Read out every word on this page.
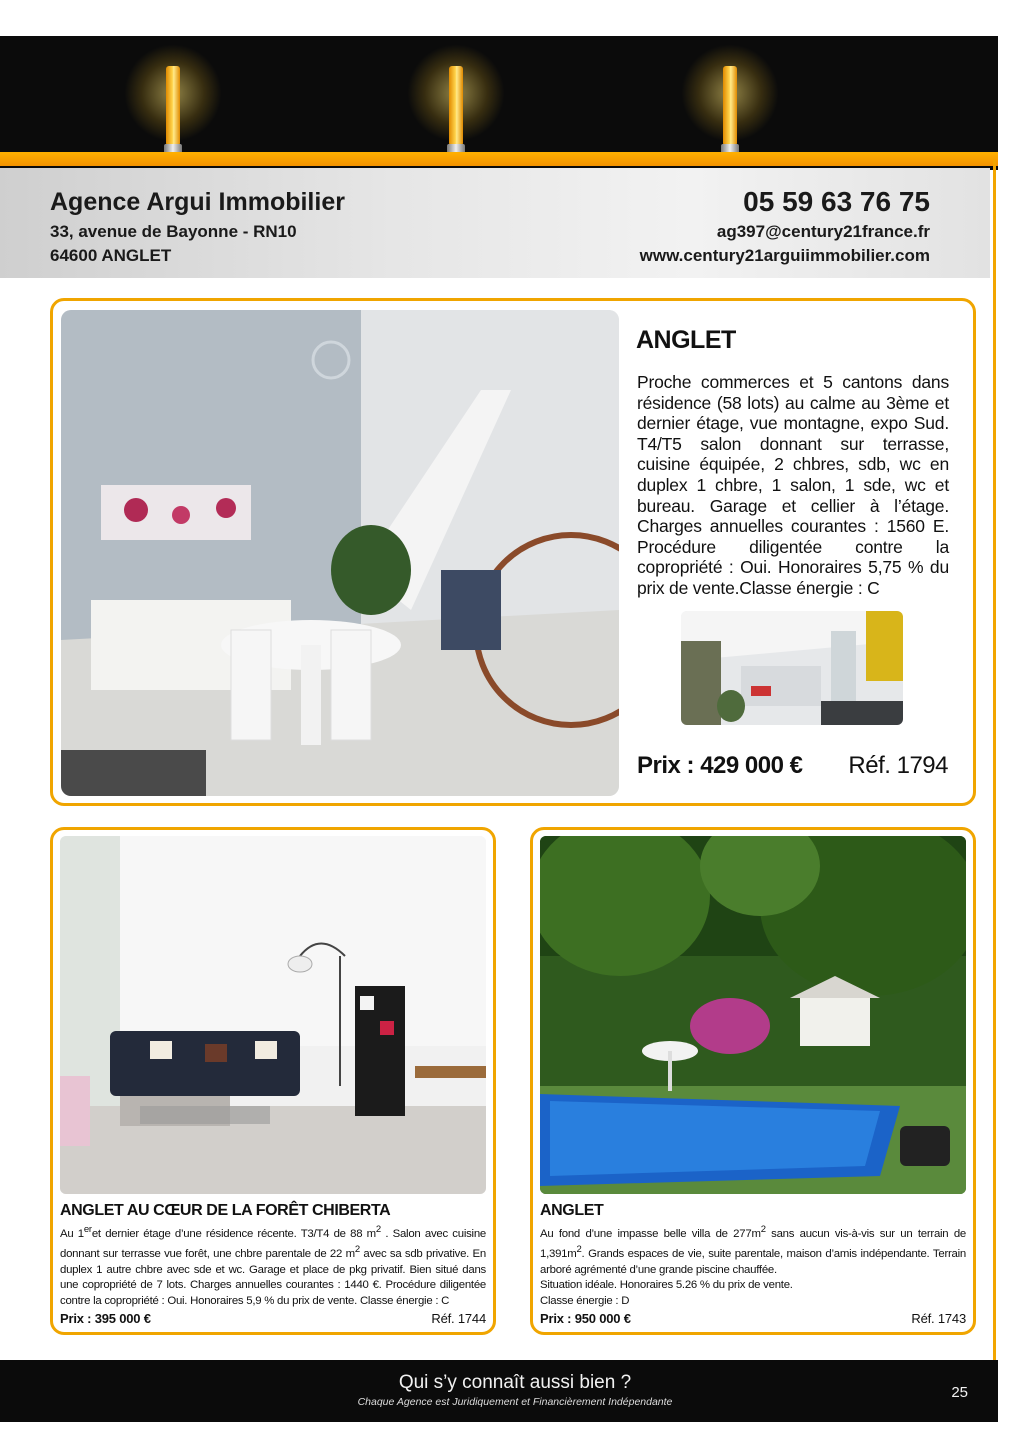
Agence Argui Immobilier
33, avenue de Bayonne - RN10
64600 ANGLET
05 59 63 76 75
ag397@century21france.fr
www.century21arguiimmobilier.com
ANGLET
Proche commerces et 5 cantons dans résidence (58 lots) au calme au 3ème et dernier étage, vue montagne, expo Sud. T4/T5 salon donnant sur terrasse, cuisine équipée, 2 chbres, sdb, wc en duplex 1 chbre, 1 salon, 1 sde, wc et bureau. Garage et cellier à l’étage. Charges annuelles courantes : 1560 E. Procédure diligentée contre la copropriété : Oui. Honoraires 5,75 % du prix de vente.Classe énergie : C
Prix : 429 000 € Réf. 1794
ANGLET AU CŒUR DE LA FORÊT CHIBERTA
Au 1eret dernier étage d’une résidence récente. T3/T4 de 88 $m^2$ . Salon avec cuisine donnant sur terrasse vue forêt, une chbre parentale de 22 $m^2$ avec sa sdb privative. En duplex 1 autre chbre avec sde et wc. Garage et place de pkg privatif. Bien situé dans une copropriété de 7 lots. Charges annuelles courantes : 1440 €. Procédure diligentée contre la copropriété : Oui. Honoraires 5,9 % du prix de vente. Classe énergie : C
Prix : 395 000 €	Réf. 1744
ANGLET
Au fond d’une impasse belle villa de $277m^2$ sans aucun vis-à-vis sur un terrain de $1,391m^2$. Grands espaces de vie, suite parentale, maison d’amis indépendante. Terrain arboré agrémenté d’une grande piscine chauffée.
Situation idéale. Honoraires 5.26 % du prix de vente.
Classe énergie : D
Prix : 950 000 €	Réf. 1743
Qui s’y connaît aussi bien ?
Chaque Agence est Juridiquement et Financièrement Indépendante
25
